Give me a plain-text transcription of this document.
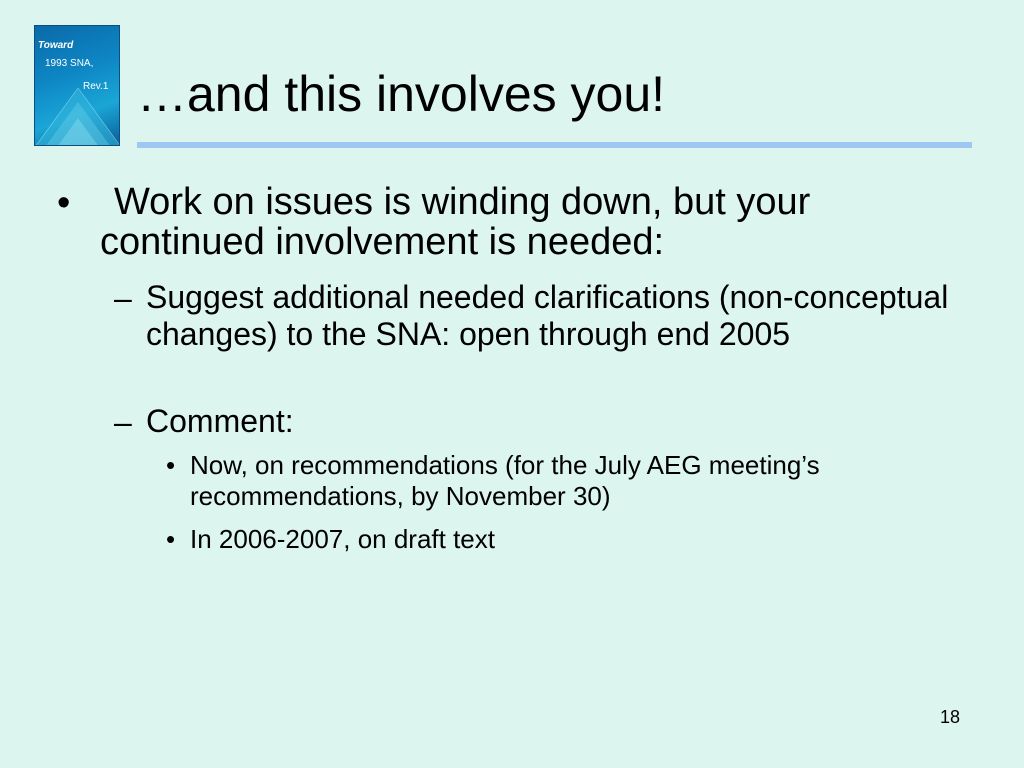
Toward
1993 SNA,
Rev.1 …and this involves you!
•	Work on issues is winding down, but your continued involvement is needed:
– Suggest additional needed clarifications (non-conceptual changes) to the SNA: open through end 2005
– Comment:
• Now, on recommendations (for the July AEG meeting’s recommendations, by November 30)
• In 2006-2007, on draft text
18
